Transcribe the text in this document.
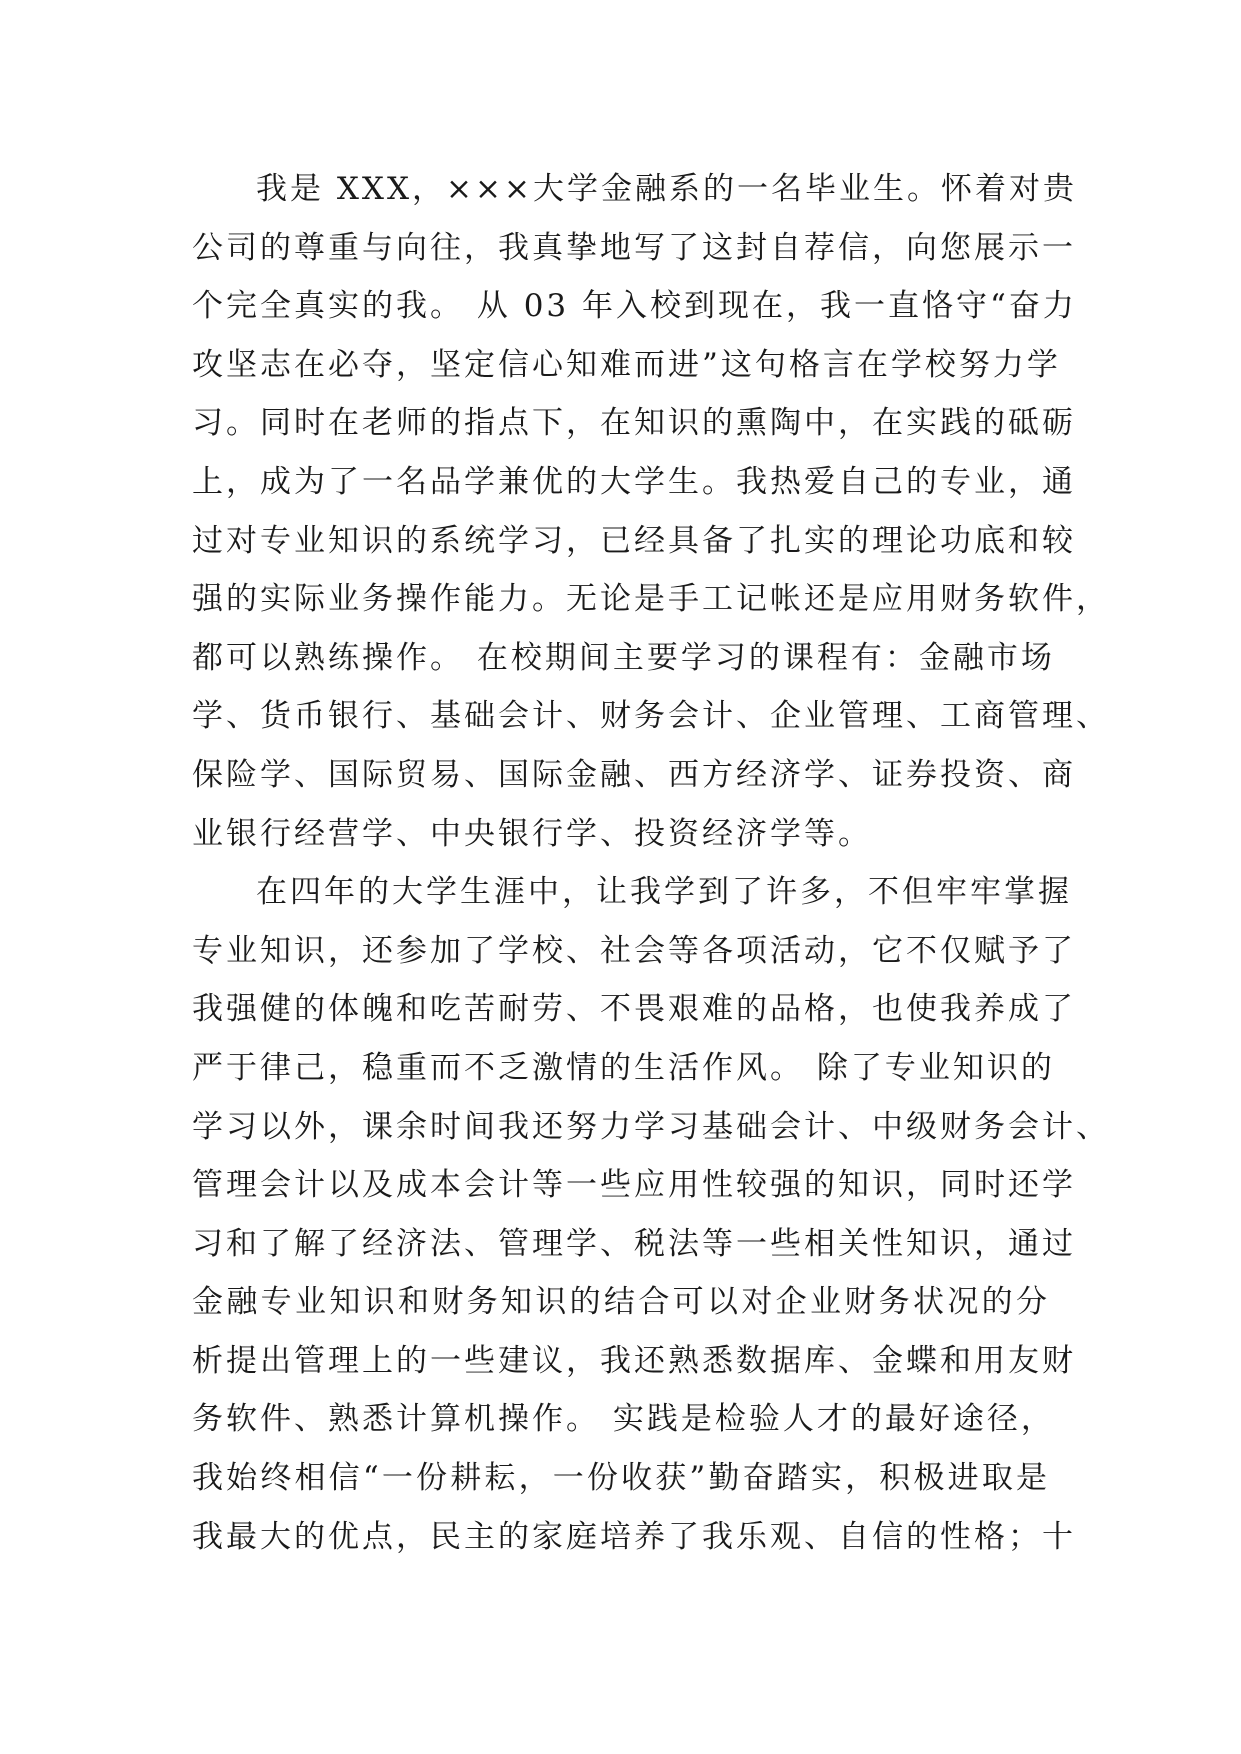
我是 XXX，×××大学金融系的一名毕业生。怀着对贵
公司的尊重与向往，我真挚地写了这封自荐信，向您展示一
个完全真实的我。 从 03 年入校到现在，我一直恪守“奋力
攻坚志在必夺，坚定信心知难而进”这句格言在学校努力学
习。同时在老师的指点下，在知识的熏陶中，在实践的砥砺
上，成为了一名品学兼优的大学生。我热爱自己的专业，通
过对专业知识的系统学习，已经具备了扎实的理论功底和较
强的实际业务操作能力。无论是手工记帐还是应用财务软件，
都可以熟练操作。 在校期间主要学习的课程有：金融市场
学、货币银行、基础会计、财务会计、企业管理、工商管理、
保险学、国际贸易、国际金融、西方经济学、证券投资、商
业银行经营学、中央银行学、投资经济学等。
在四年的大学生涯中，让我学到了许多，不但牢牢掌握
专业知识，还参加了学校、社会等各项活动，它不仅赋予了
我强健的体魄和吃苦耐劳、不畏艰难的品格，也使我养成了
严于律己，稳重而不乏激情的生活作风。 除了专业知识的
学习以外，课余时间我还努力学习基础会计、中级财务会计、
管理会计以及成本会计等一些应用性较强的知识，同时还学
习和了解了经济法、管理学、税法等一些相关性知识，通过
金融专业知识和财务知识的结合可以对企业财务状况的分
析提出管理上的一些建议，我还熟悉数据库、金蝶和用友财
务软件、熟悉计算机操作。 实践是检验人才的最好途径，
我始终相信“一份耕耘，一份收获”勤奋踏实，积极进取是
我最大的优点，民主的家庭培养了我乐观、自信的性格；十
